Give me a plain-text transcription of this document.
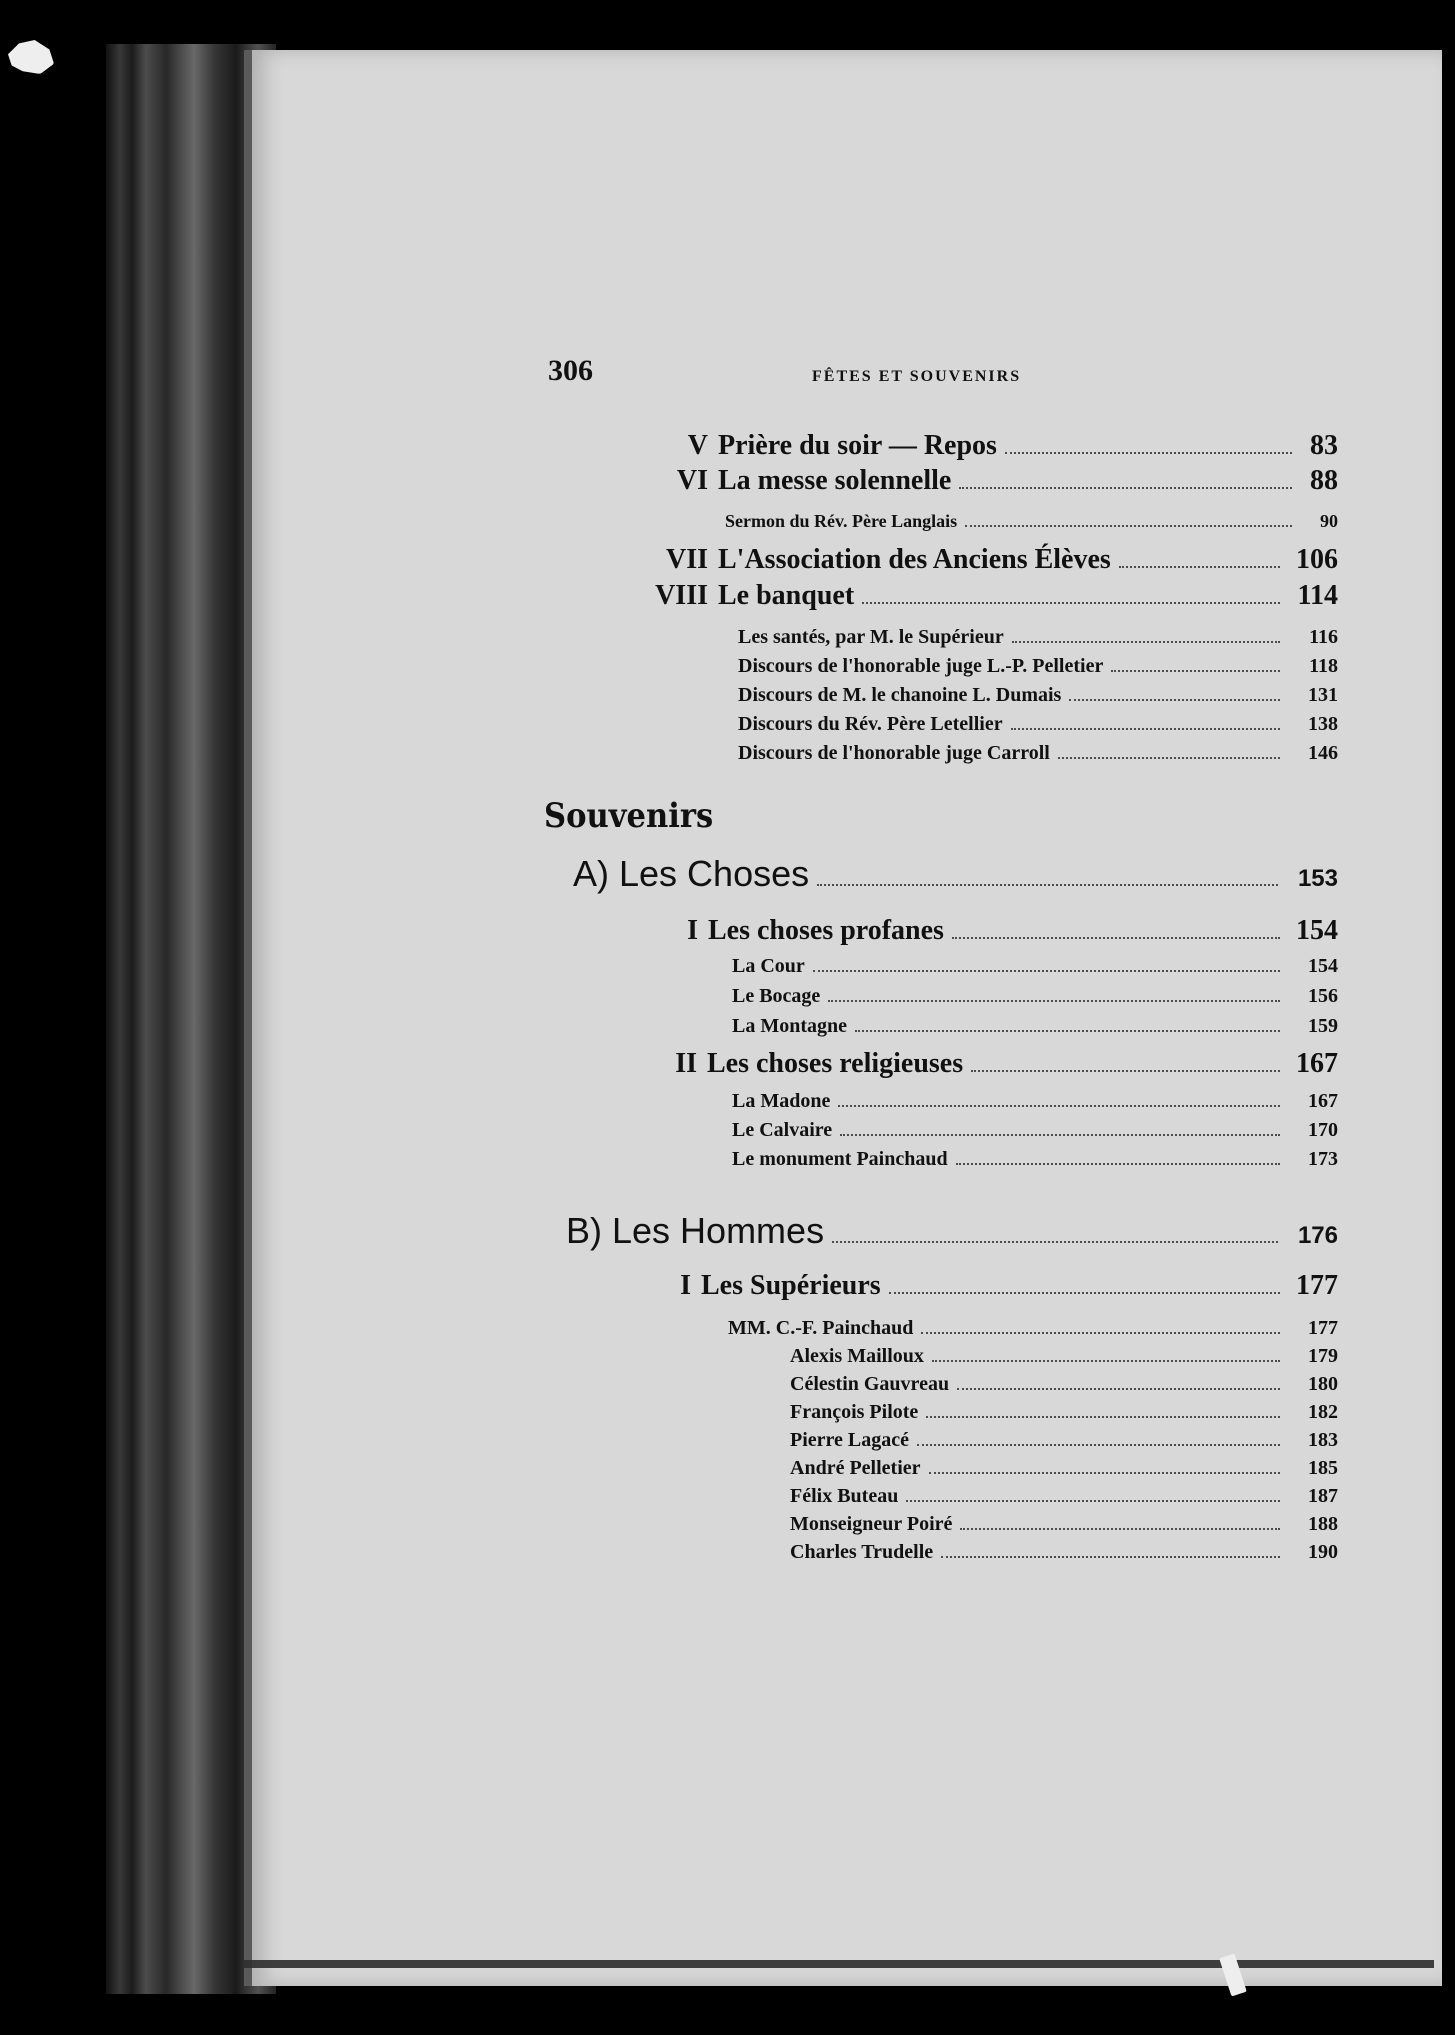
306	FÊTES ET SOUVENIRS
Souvenirs
V Prière du soir — Repos	83
VI La messe solennelle	88
Sermon du Rév. Père Langlais	90
VII L'Association des Anciens Élèves	106
VIII Le banquet	114
Les santés, par M. le Supérieur	116
Discours de l'honorable juge L.-P. Pelletier	118
Discours de M. le chanoine L. Dumais	131
Discours du Rév. Père Letellier	138
Discours de l'honorable juge Carroll	146
A) Les Choses	153
I Les choses profanes	154
La Cour	154
Le Bocage	156
La Montagne	159
II Les choses religieuses	167
La Madone	167
Le Calvaire	170
Le monument Painchaud	173
B) Les Hommes	176
I Les Supérieurs	177
MM. C.-F. Painchaud	177
Alexis Mailloux	179
Célestin Gauvreau	180
François Pilote	182
Pierre Lagacé	183
André Pelletier	185
Félix Buteau	187
Monseigneur Poiré	188
Charles Trudelle	190
